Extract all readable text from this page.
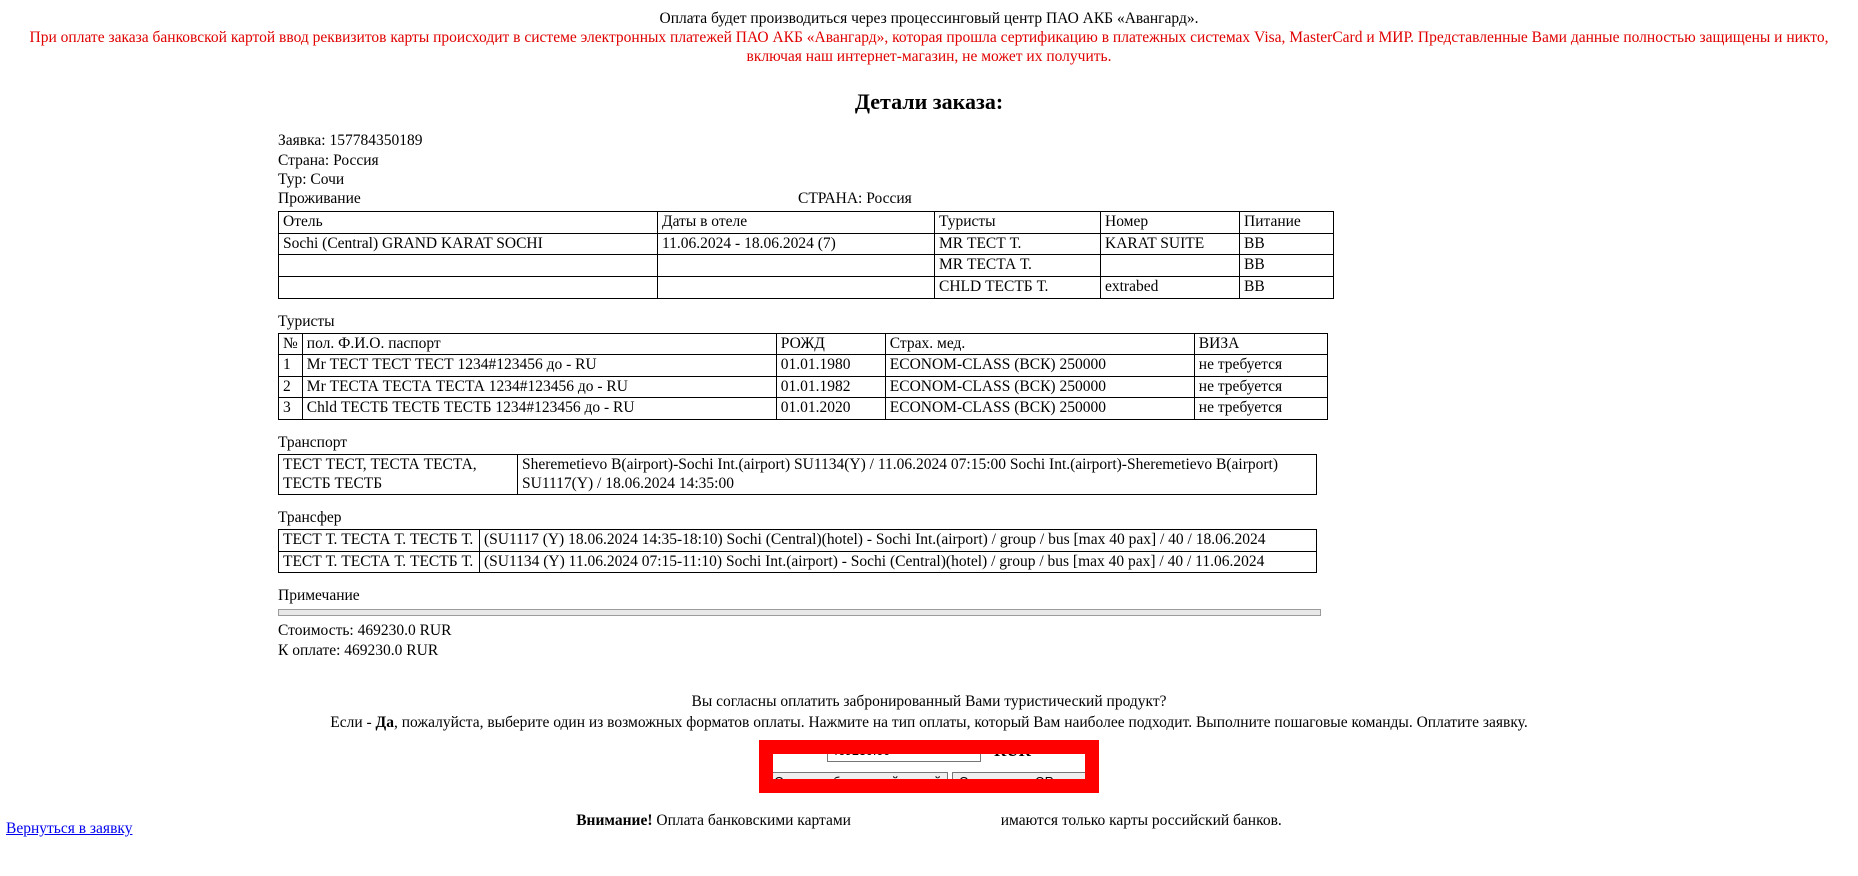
Оплата будет производиться через процессинговый центр ПАО АКБ «Авангард».
При оплате заказа банковской картой ввод реквизитов карты происходит в системе электронных платежей ПАО АКБ «Авангард», которая прошла сертификацию в платежных системах Visa, MasterCard и МИР. Представленные Вами данные полностью защищены и никто, включая наш интернет-магазин, не может их получить.
Детали заказа:
Заявка: 157784350189
Страна: Россия
Тур: Сочи
Проживание	СТРАНА: Россия
Отель	Даты в отеле	Туристы	Номер	Питание
Sochi (Central) GRAND KARAT SOCHI	11.06.2024 - 18.06.2024 (7)	MR ТЕСТ Т.	KARAT SUITE	BB
		MR ТЕСТА Т.		BB
		CHLD ТЕСТБ Т.	extrabed	BB
Туристы
№	пол. Ф.И.О. паспорт	РОЖД	Страх. мед.	ВИЗА
1	Mr ТЕСТ ТЕСТ ТЕСТ 1234#123456 до - RU	01.01.1980	ECONOM-CLASS (ВСК) 250000	не требуется
2	Mr ТЕСТА ТЕСТА ТЕСТА 1234#123456 до - RU	01.01.1982	ECONOM-CLASS (ВСК) 250000	не требуется
3	Chld ТЕСТБ ТЕСТБ ТЕСТБ 1234#123456 до - RU	01.01.2020	ECONOM-CLASS (ВСК) 250000	не требуется
Транспорт
ТЕСТ ТЕСТ, ТЕСТА ТЕСТА, ТЕСТБ ТЕСТБ	Sheremetievo B(airport)-Sochi Int.(airport) SU1134(Y) / 11.06.2024 07:15:00 Sochi Int.(airport)-Sheremetievo B(airport) SU1117(Y) / 18.06.2024 14:35:00
Трансфер
ТЕСТ Т. ТЕСТА Т. ТЕСТБ Т.	(SU1117 (Y) 18.06.2024 14:35-18:10) Sochi (Central)(hotel) - Sochi Int.(airport) / group / bus [max 40 pax] / 40 / 18.06.2024
ТЕСТ Т. ТЕСТА Т. ТЕСТБ Т.	(SU1134 (Y) 11.06.2024 07:15-11:10) Sochi Int.(airport) - Sochi (Central)(hotel) / group / bus [max 40 pax] / 40 / 11.06.2024
Примечание
Стоимость: 469230.0 RUR
К оплате: 469230.0 RUR
Вы согласны оплатить забронированный Вами туристический продукт?
Если - Да, пожалуйста, выберите один из возможных форматов оплаты. Нажмите на тип оплаты, который Вам наиболее подходит. Выполните пошаговые команды. Оплатите заявку.
469230.00 RUR
Оплатить банковской картой Оплатить по QR-коду
Внимание! Оплата банковскими картами	имаются только карты российский банков.
Вернуться в заявку
